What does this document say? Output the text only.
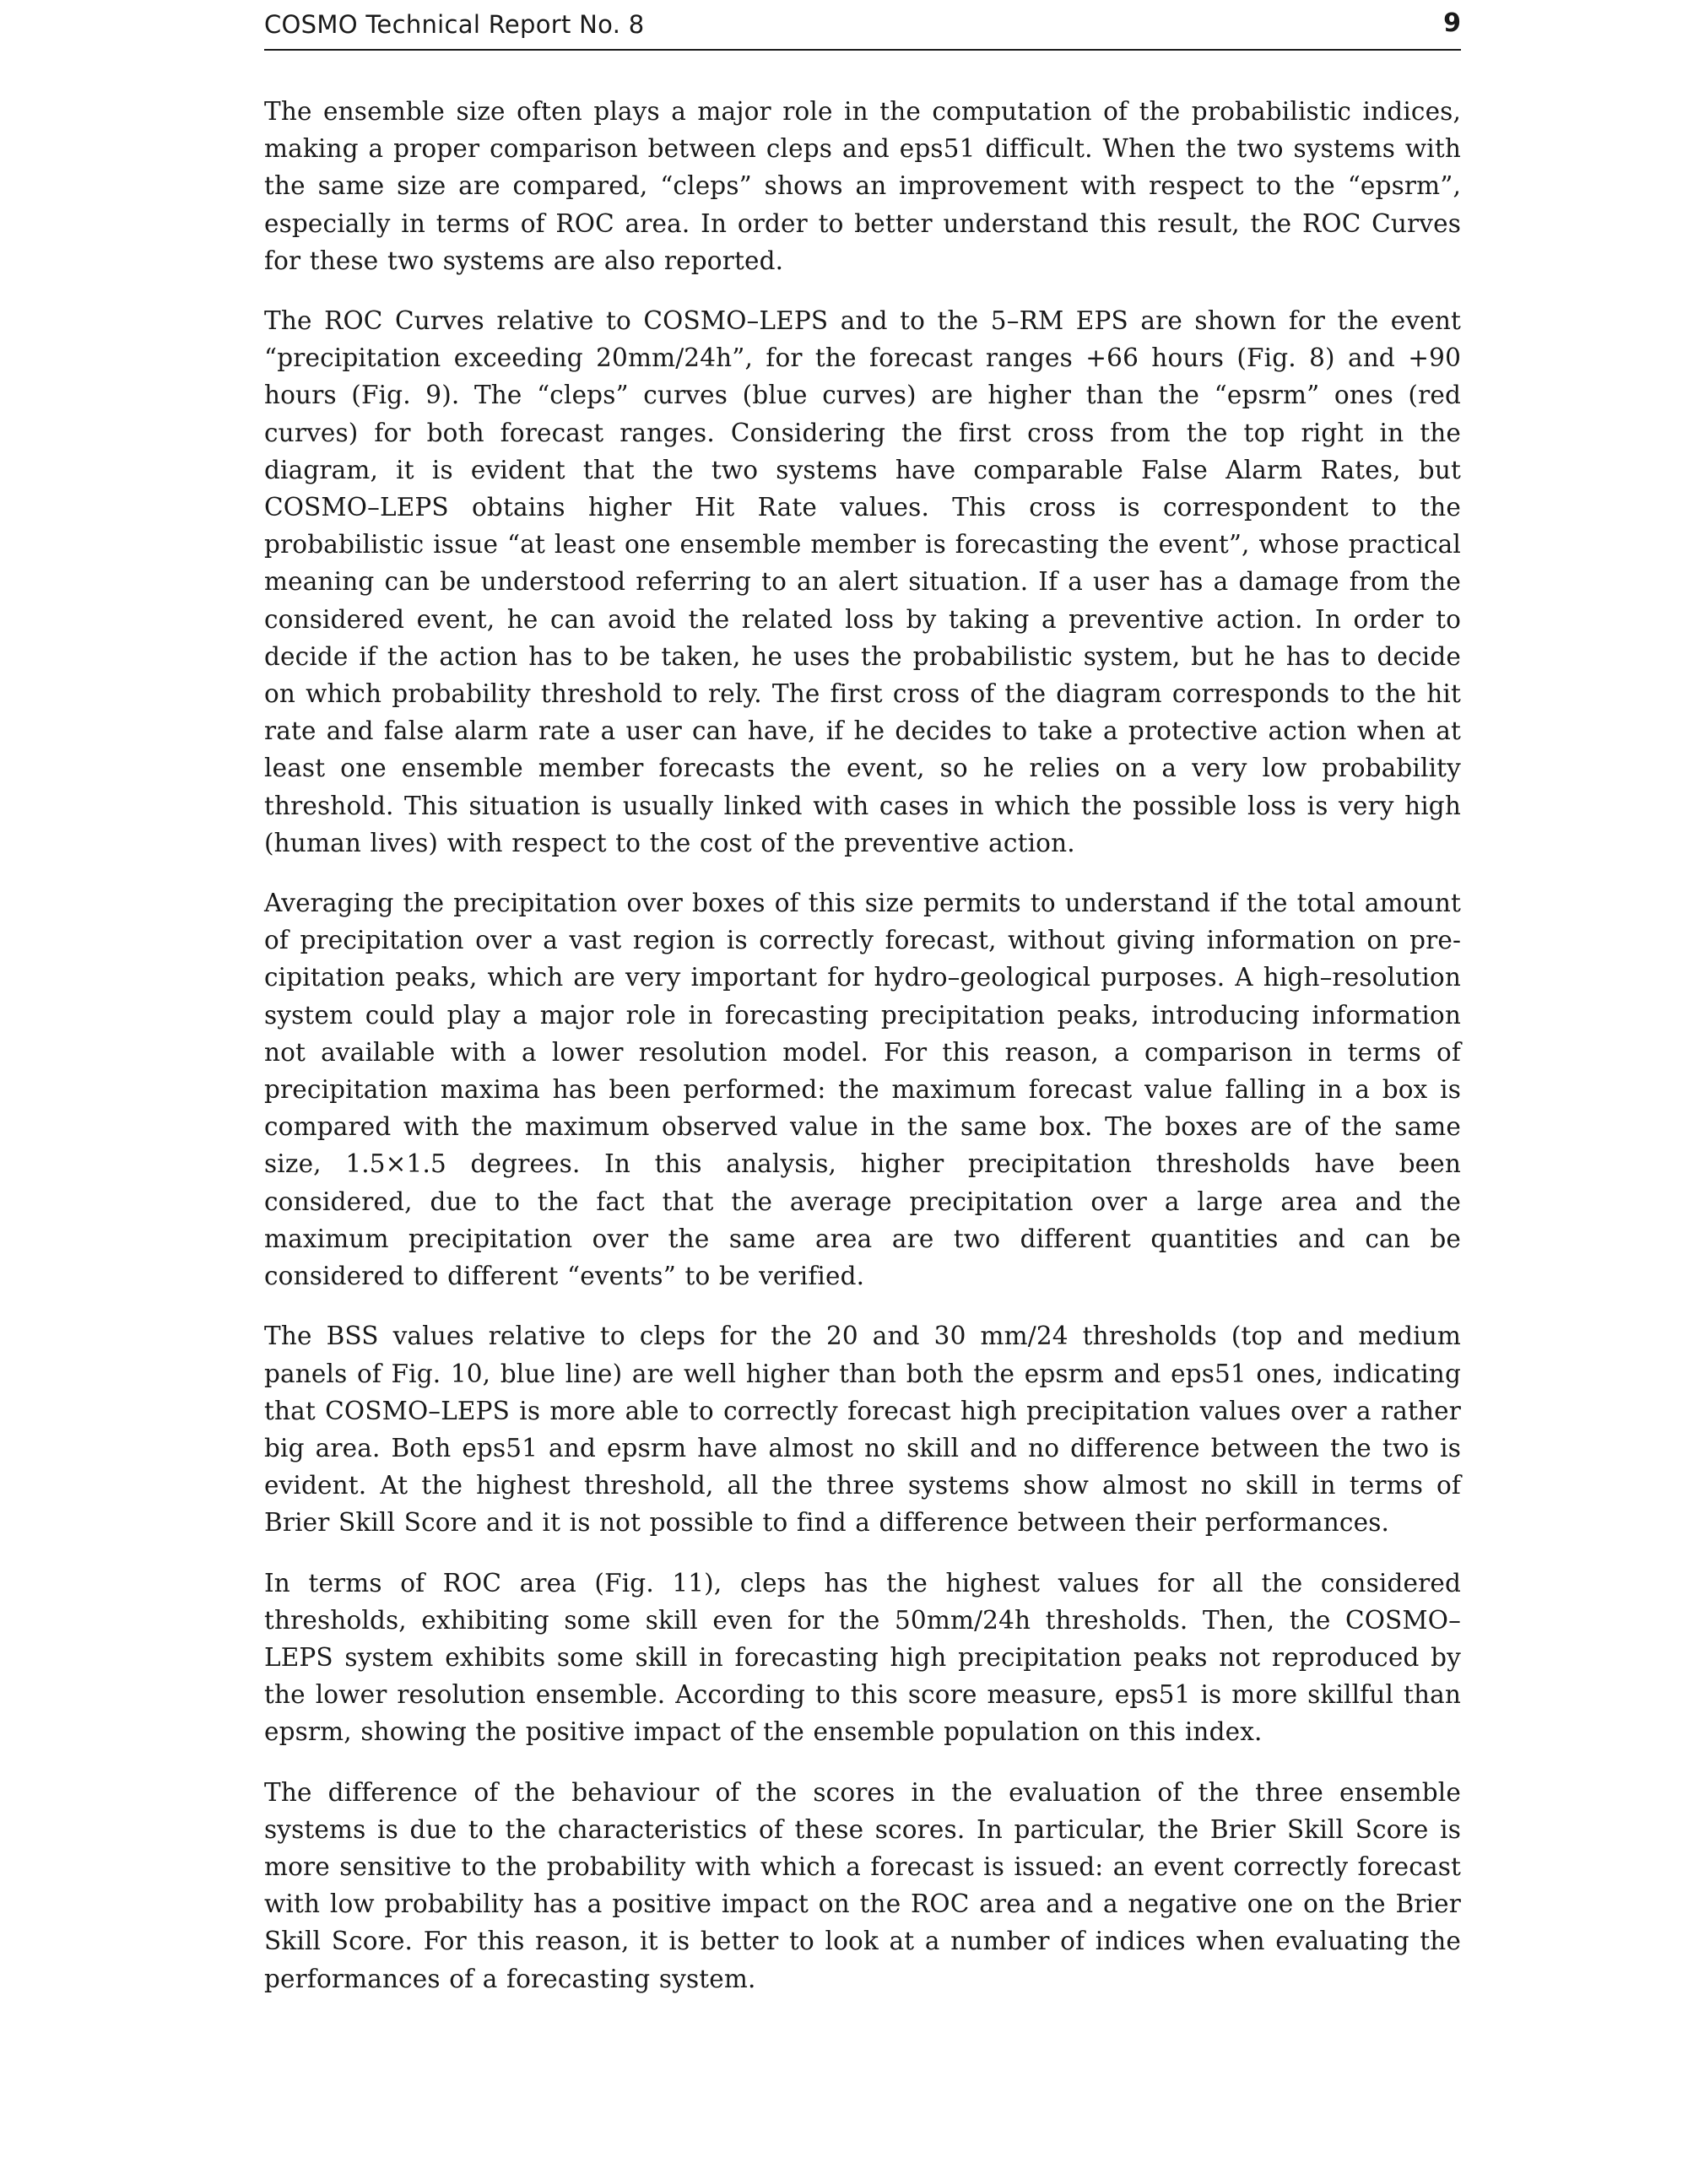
COSMO Technical Report No. 8	9

The ensemble size often plays a major role in the computation of the probabilistic indices, making a proper comparison between cleps and eps51 difficult. When the two systems with the same size are compared, “cleps” shows an improvement with respect to the “epsrm”, especially in terms of ROC area. In order to better understand this result, the ROC Curves for these two systems are also reported.

The ROC Curves relative to COSMO–LEPS and to the 5–RM EPS are shown for the event “precipitation exceeding 20mm/24h”, for the forecast ranges +66 hours (Fig. 8) and +90 hours (Fig. 9). The “cleps” curves (blue curves) are higher than the “epsrm” ones (red curves) for both forecast ranges. Considering the first cross from the top right in the diagram, it is evident that the two systems have comparable False Alarm Rates, but COSMO–LEPS obtains higher Hit Rate values. This cross is correspondent to the probabilistic issue “at least one ensemble member is forecasting the event”, whose practical meaning can be understood referring to an alert situation. If a user has a damage from the considered event, he can avoid the related loss by taking a preventive action. In order to decide if the action has to be taken, he uses the probabilistic system, but he has to decide on which probability threshold to rely. The first cross of the diagram corresponds to the hit rate and false alarm rate a user can have, if he decides to take a protective action when at least one ensemble member forecasts the event, so he relies on a very low probability threshold. This situation is usually linked with cases in which the possible loss is very high (human lives) with respect to the cost of the preventive action.

Averaging the precipitation over boxes of this size permits to understand if the total amount of precipitation over a vast region is correctly forecast, without giving information on precipitation peaks, which are very important for hydro–geological purposes. A high–resolution system could play a major role in forecasting precipitation peaks, introducing information not available with a lower resolution model. For this reason, a comparison in terms of precipitation maxima has been performed: the maximum forecast value falling in a box is compared with the maximum observed value in the same box. The boxes are of the same size, 1.5×1.5 degrees. In this analysis, higher precipitation thresholds have been considered, due to the fact that the average precipitation over a large area and the maximum precipitation over the same area are two different quantities and can be considered to different “events” to be verified.

The BSS values relative to cleps for the 20 and 30 mm/24 thresholds (top and medium panels of Fig. 10, blue line) are well higher than both the epsrm and eps51 ones, indicating that COSMO–LEPS is more able to correctly forecast high precipitation values over a rather big area. Both eps51 and epsrm have almost no skill and no difference between the two is evident. At the highest threshold, all the three systems show almost no skill in terms of Brier Skill Score and it is not possible to find a difference between their performances.

In terms of ROC area (Fig. 11), cleps has the highest values for all the considered thresholds, exhibiting some skill even for the 50mm/24h thresholds. Then, the COSMO–LEPS system exhibits some skill in forecasting high precipitation peaks not reproduced by the lower resolution ensemble. According to this score measure, eps51 is more skillful than epsrm, showing the positive impact of the ensemble population on this index.

The difference of the behaviour of the scores in the evaluation of the three ensemble systems is due to the characteristics of these scores. In particular, the Brier Skill Score is more sensitive to the probability with which a forecast is issued: an event correctly forecast with low probability has a positive impact on the ROC area and a negative one on the Brier Skill Score. For this reason, it is better to look at a number of indices when evaluating the performances of a forecasting system.
